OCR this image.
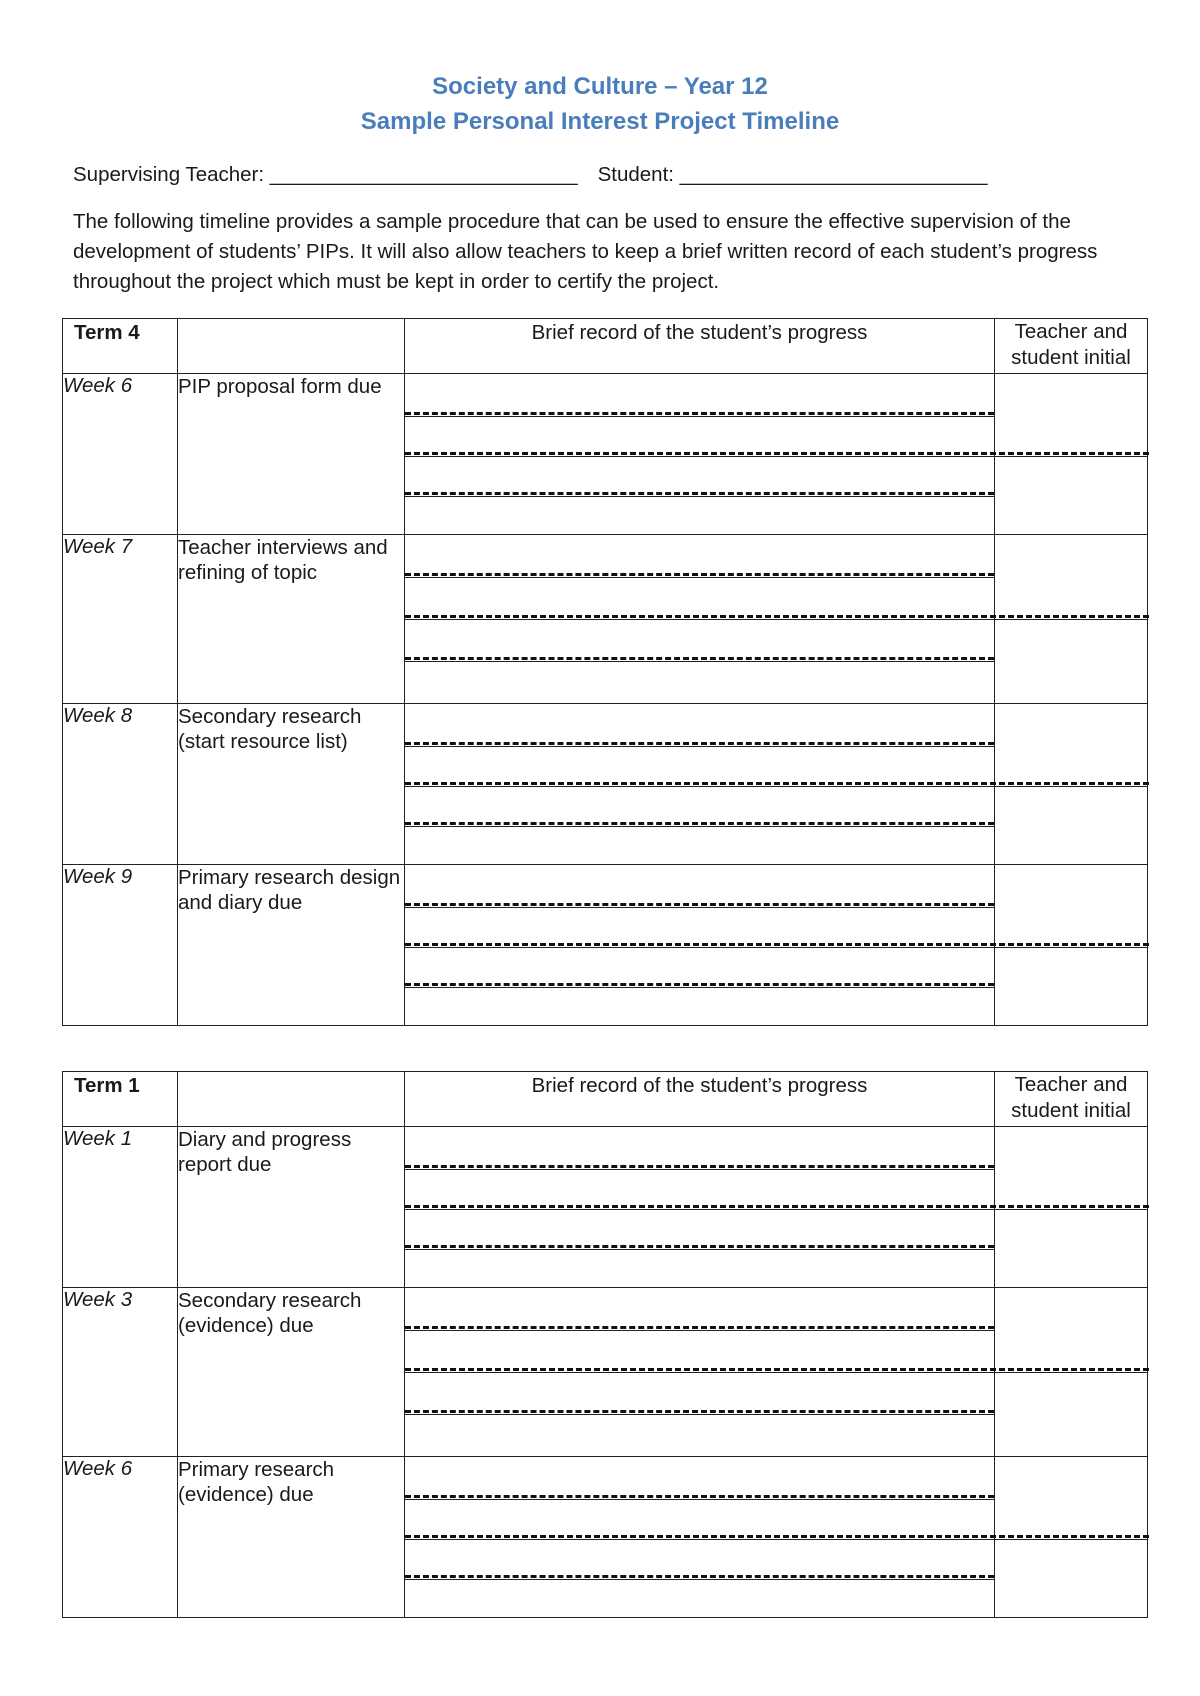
Society and Culture – Year 12
Sample Personal Interest Project Timeline
Supervising Teacher: ___________________________ Student: ___________________________
The following timeline provides a sample procedure that can be used to ensure the effective supervision of the development of students’ PIPs. It will also allow teachers to keep a brief written record of each student’s progress throughout the project which must be kept in order to certify the project.
Term 4		Brief record of the student’s progress	Teacher and student initial
Week 6	PIP proposal form due	

Week 7	Teacher interviews and refining of topic	

Week 8	Secondary research (start resource list)	

Week 9	Primary research design and diary due	

Term 1		Brief record of the student’s progress	Teacher and student initial
Week 1	Diary and progress report due	

Week 3	Secondary research (evidence) due	

Week 6	Primary research (evidence) due	
